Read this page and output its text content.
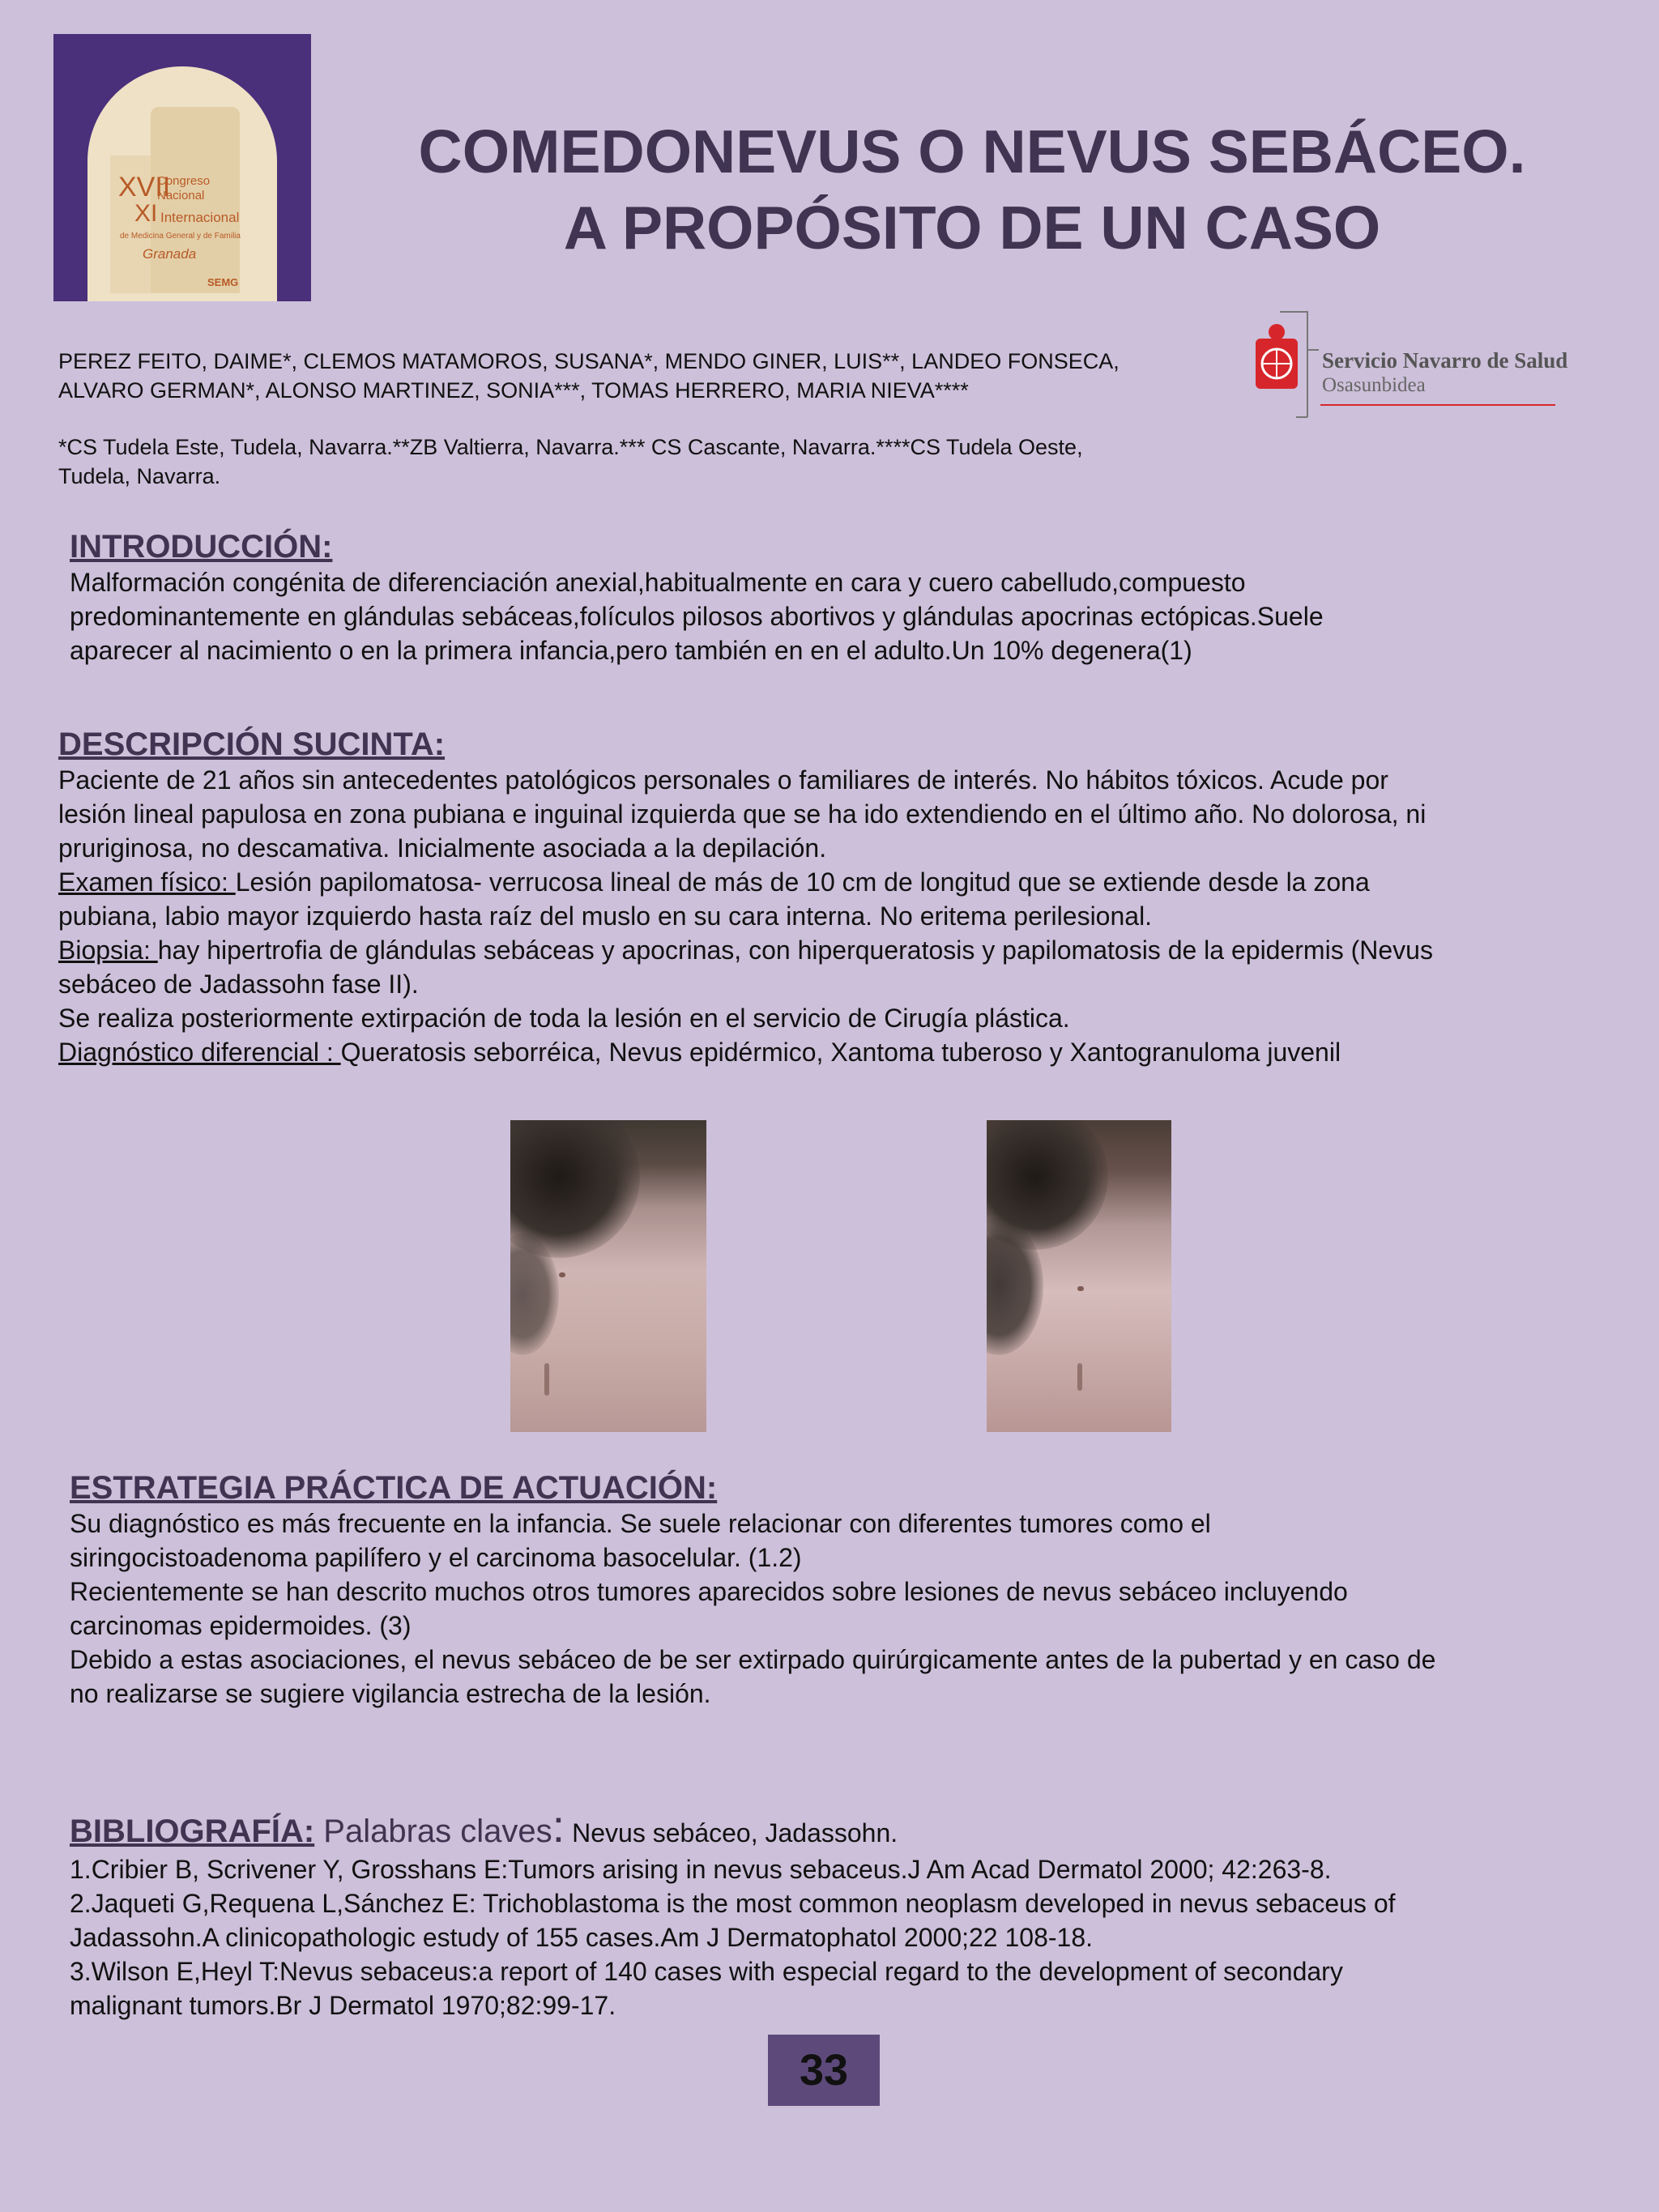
XVII
Congreso
Nacional
XI Internacional
de Medicina General y de Familia
Granada
SEMG
COMEDONEVUS O NEVUS SEBÁCEO.
A PROPÓSITO DE UN CASO
PEREZ FEITO, DAIME*, CLEMOS MATAMOROS, SUSANA*, MENDO GINER, LUIS**, LANDEO FONSECA,
ALVARO GERMAN*, ALONSO MARTINEZ, SONIA***, TOMAS HERRERO, MARIA NIEVA****
*CS Tudela Este, Tudela, Navarra.**ZB Valtierra, Navarra.*** CS Cascante, Navarra.****CS Tudela Oeste,
Tudela, Navarra.
Servicio Navarro de Salud
Osasunbidea
INTRODUCCIÓN:
Malformación congénita de diferenciación anexial,habitualmente en cara y cuero cabelludo,compuesto
predominantemente en glándulas sebáceas,folículos pilosos abortivos y glándulas apocrinas ectópicas.Suele
aparecer al nacimiento o en la primera infancia,pero también en en el adulto.Un 10% degenera(1)
DESCRIPCIÓN SUCINTA:
Paciente de 21 años sin antecedentes patológicos personales o familiares de interés. No hábitos tóxicos. Acude por
lesión lineal papulosa en zona pubiana e inguinal izquierda que se ha ido extendiendo en el último año. No dolorosa, ni
pruriginosa, no descamativa. Inicialmente asociada a la depilación.
Examen físico: Lesión papilomatosa- verrucosa lineal de más de 10 cm de longitud que se extiende desde la zona
pubiana, labio mayor izquierdo hasta raíz del muslo en su cara interna. No eritema perilesional.
Biopsia: hay hipertrofia de glándulas sebáceas y apocrinas, con hiperqueratosis y papilomatosis de la epidermis (Nevus
sebáceo de Jadassohn fase II).
Se realiza posteriormente extirpación de toda la lesión en el servicio de Cirugía plástica.
Diagnóstico diferencial : Queratosis seborréica, Nevus epidérmico, Xantoma tuberoso y Xantogranuloma juvenil
ESTRATEGIA PRÁCTICA DE ACTUACIÓN:
Su diagnóstico es más frecuente en la infancia. Se suele relacionar con diferentes tumores como el
siringocistoadenoma papilífero y el carcinoma basocelular. (1.2)
Recientemente se han descrito muchos otros tumores aparecidos sobre lesiones de nevus sebáceo incluyendo
carcinomas epidermoides. (3)
Debido a estas asociaciones, el nevus sebáceo de be ser extirpado quirúrgicamente antes de la pubertad y en caso de
no realizarse se sugiere vigilancia estrecha de la lesión.
BIBLIOGRAFÍA: Palabras claves: Nevus sebáceo, Jadassohn.
1.Cribier B, Scrivener Y, Grosshans E:Tumors arising in nevus sebaceus.J Am Acad Dermatol 2000; 42:263-8.
2.Jaqueti G,Requena L,Sánchez E: Trichoblastoma is the most common neoplasm developed in nevus sebaceus of
Jadassohn.A clinicopathologic estudy of 155 cases.Am J Dermatophatol 2000;22 108-18.
3.Wilson E,Heyl T:Nevus sebaceus:a report of 140 cases with especial regard to the development of secondary
malignant tumors.Br J Dermatol 1970;82:99-17.
33
